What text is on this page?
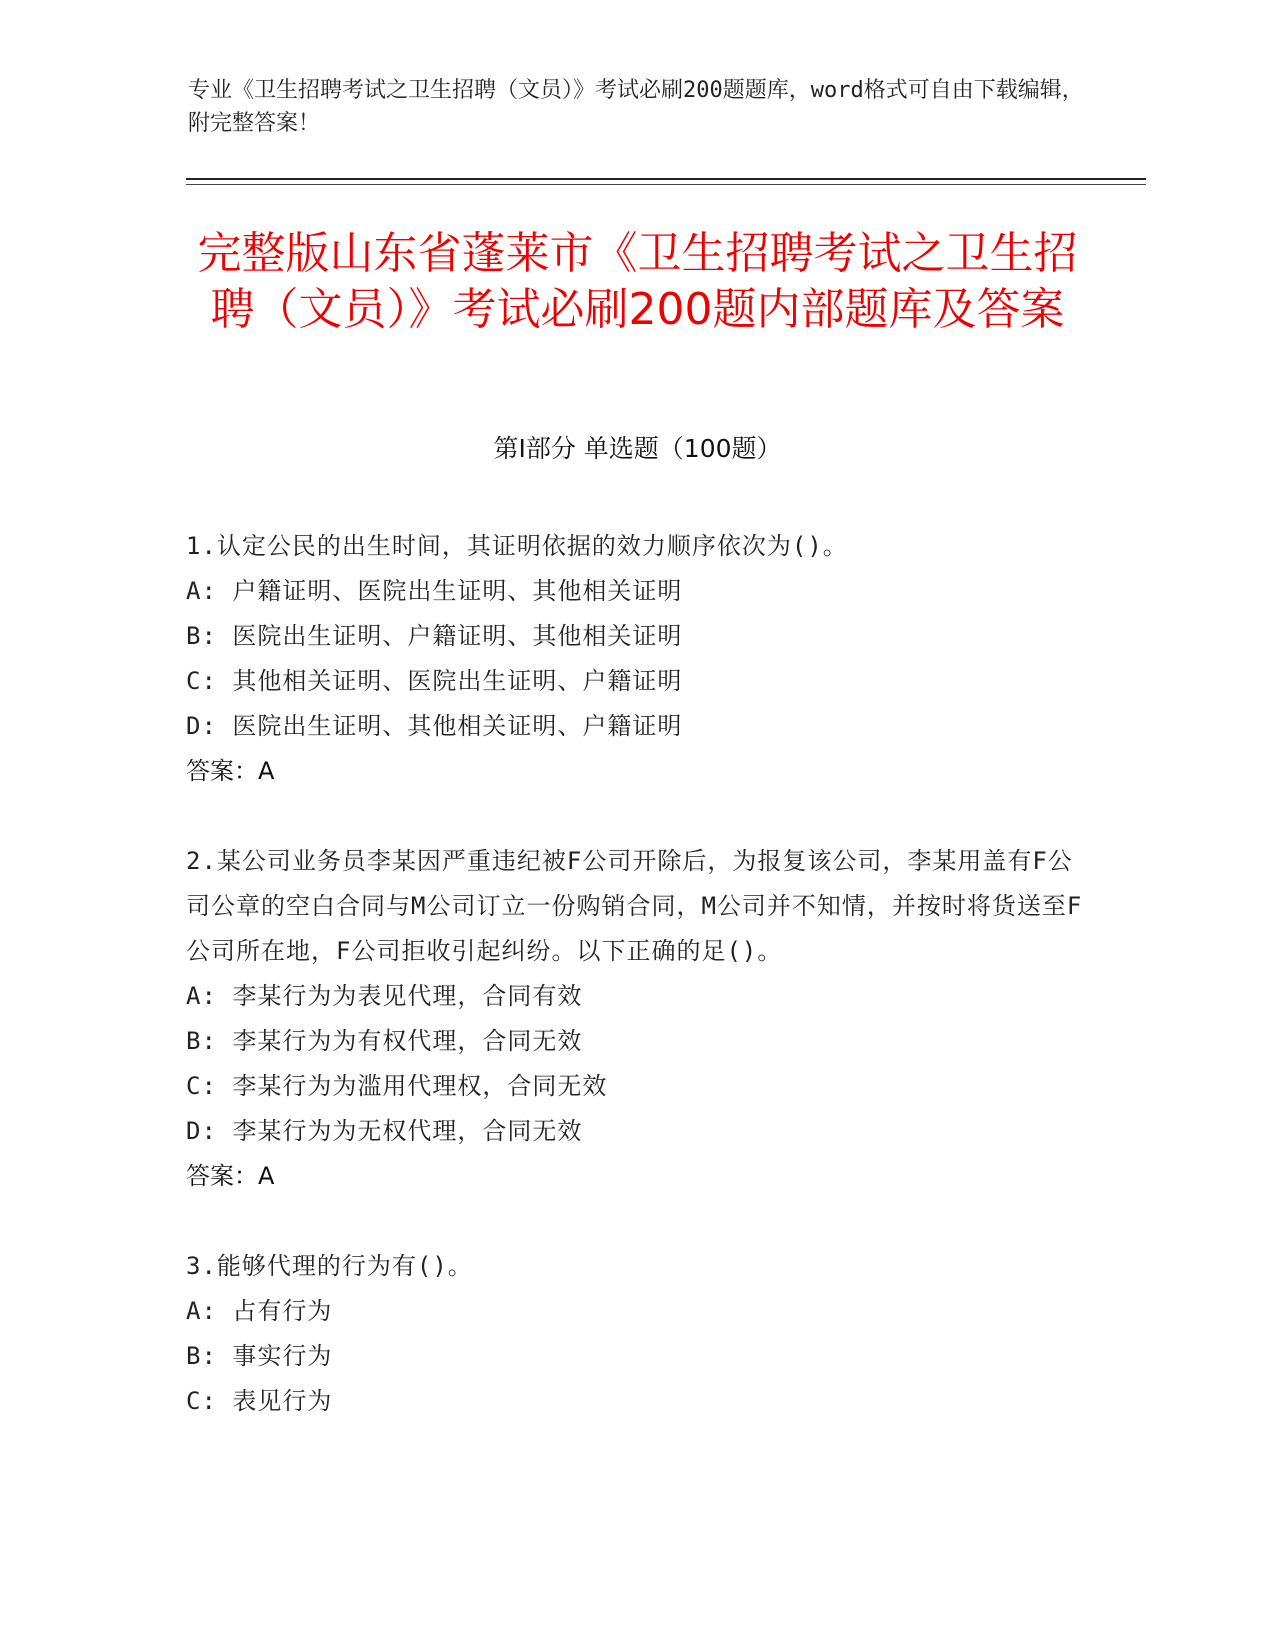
专业《卫生招聘考试之卫生招聘（文员）》考试必刷200题题库，word格式可自由下载编辑，附完整答案！
完整版山东省蓬莱市《卫生招聘考试之卫生招聘（文员）》考试必刷200题内部题库及答案
第Ⅰ部分 单选题（100题）
1.认定公民的出生时间，其证明依据的效力顺序依次为()。
A: 户籍证明、医院出生证明、其他相关证明
B: 医院出生证明、户籍证明、其他相关证明
C: 其他相关证明、医院出生证明、户籍证明
D: 医院出生证明、其他相关证明、户籍证明
答案：A
2.某公司业务员李某因严重违纪被F公司开除后，为报复该公司，李某用盖有F公司公章的空白合同与M公司订立一份购销合同，M公司并不知情，并按时将货送至F公司所在地，F公司拒收引起纠纷。以下正确的足()。
A: 李某行为为表见代理，合同有效
B: 李某行为为有权代理，合同无效
C: 李某行为为滥用代理权，合同无效
D: 李某行为为无权代理，合同无效
答案：A
3.能够代理的行为有()。
A: 占有行为
B: 事实行为
C: 表见行为
